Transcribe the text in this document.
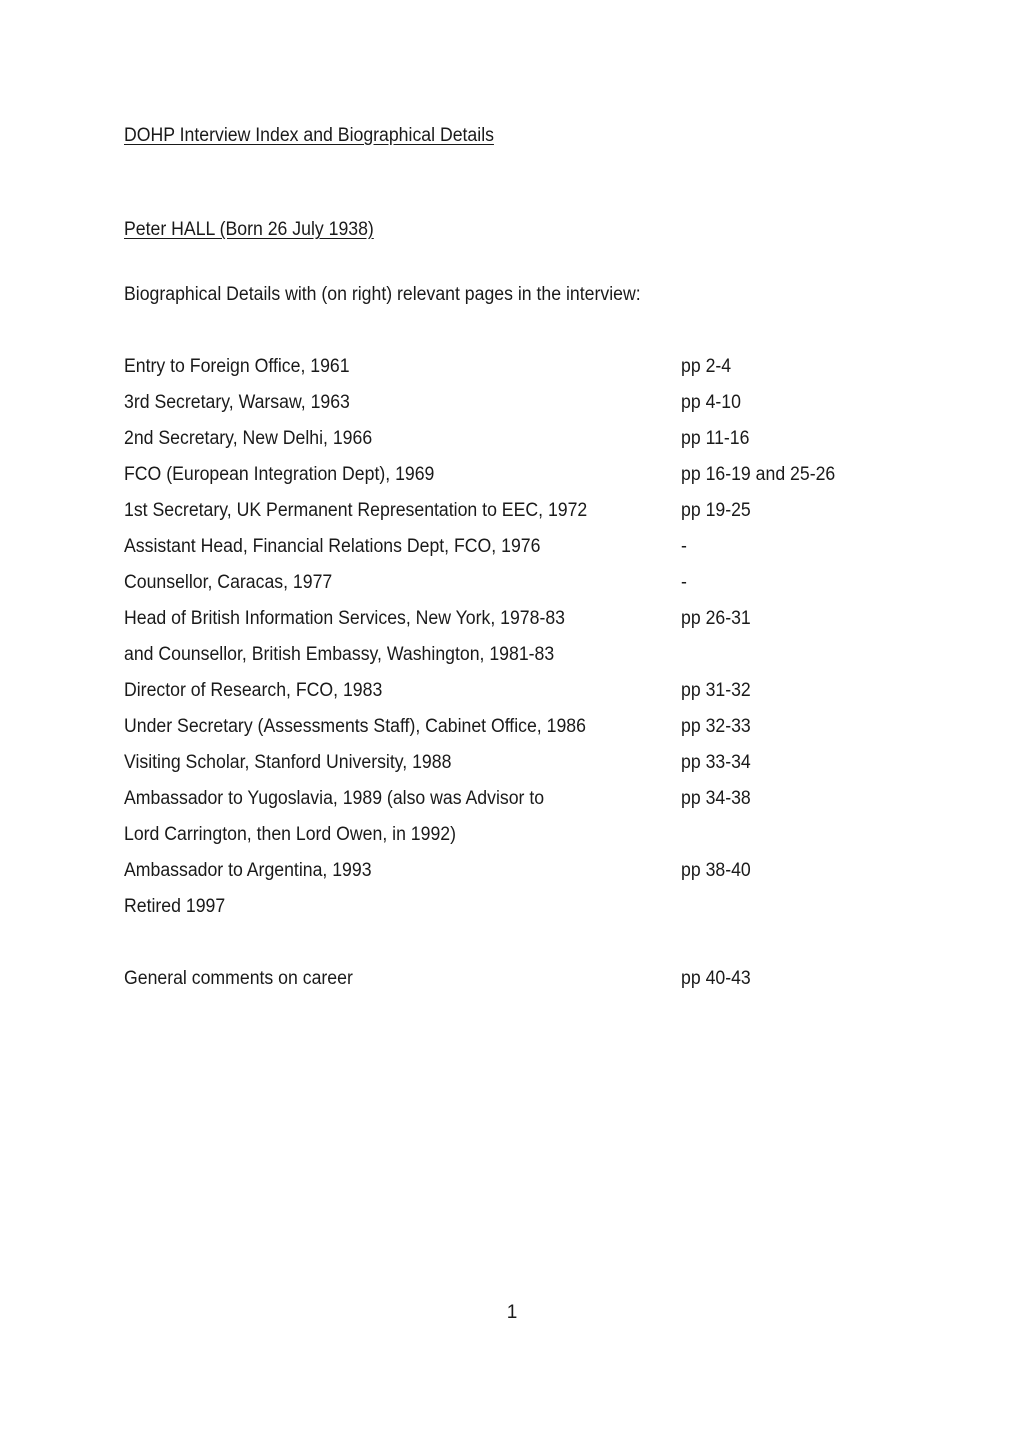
DOHP Interview Index and Biographical Details
Peter HALL (Born 26 July 1938)
Biographical Details with (on right) relevant pages in the interview:
Entry to Foreign Office, 1961	pp 2-4
3rd Secretary, Warsaw, 1963	pp 4-10
2nd Secretary, New Delhi, 1966	pp 11-16
FCO (European Integration Dept), 1969	pp 16-19 and 25-26
1st Secretary, UK Permanent Representation to EEC, 1972	pp 19-25
Assistant Head, Financial Relations Dept, FCO, 1976	-
Counsellor, Caracas, 1977	-
Head of British Information Services, New York, 1978-83	pp 26-31
and Counsellor, British Embassy, Washington, 1981-83
Director of Research, FCO, 1983	pp 31-32
Under Secretary (Assessments Staff), Cabinet Office, 1986	pp 32-33
Visiting Scholar, Stanford University, 1988	pp 33-34
Ambassador to Yugoslavia, 1989 (also was Advisor to	pp 34-38
Lord Carrington, then Lord Owen, in 1992)
Ambassador to Argentina, 1993	pp 38-40
Retired 1997
General comments on career	pp 40-43
1
